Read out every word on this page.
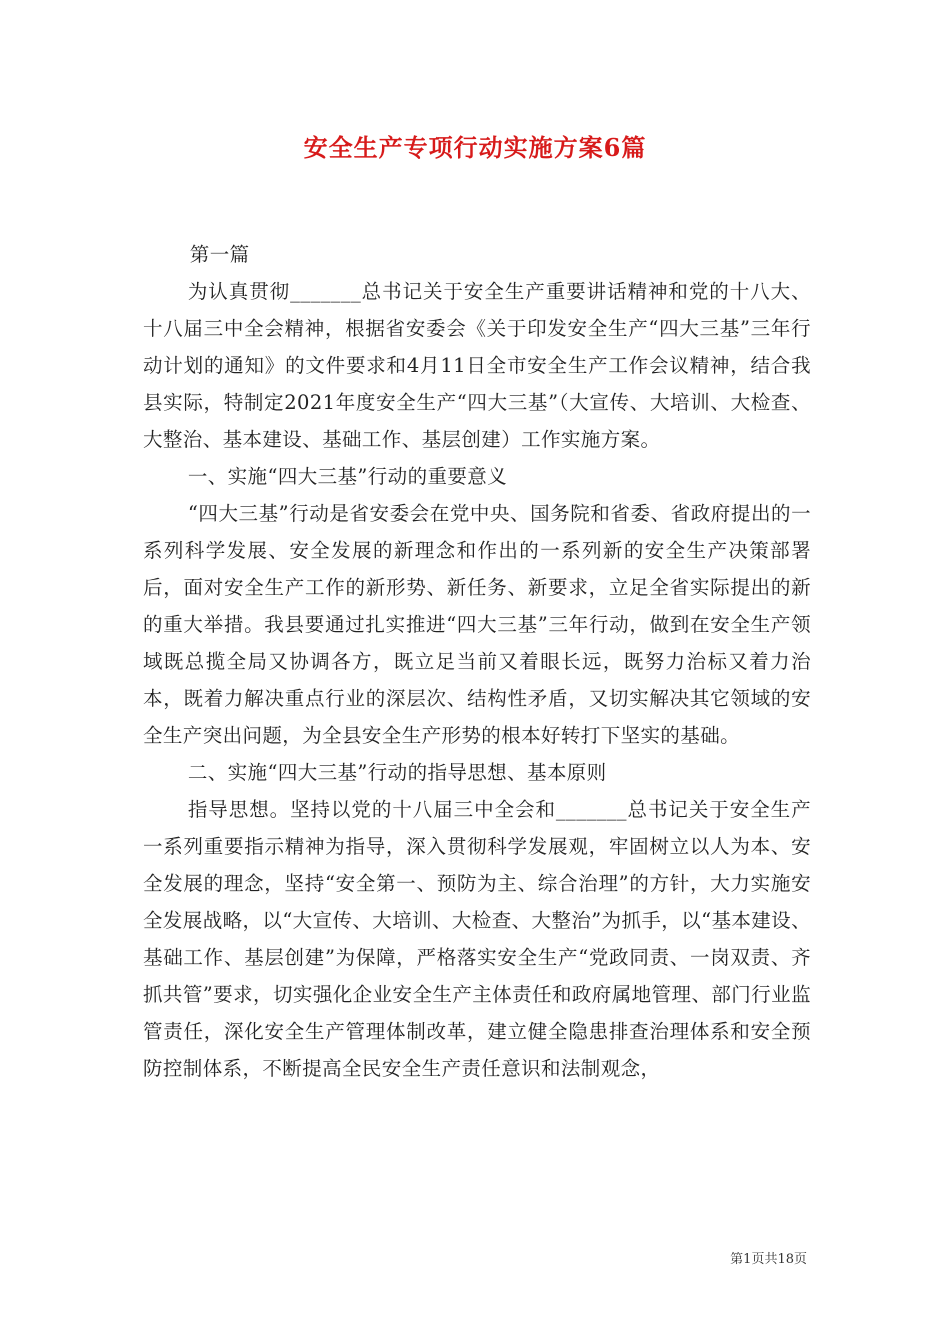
安全生产专项行动实施方案6篇

第一篇

为认真贯彻_______总书记关于安全生产重要讲话精神和党的十八大、十八届三中全会精神，根据省安委会《关于印发安全生产“四大三基”三年行动计划的通知》的文件要求和4月11日全市安全生产工作会议精神，结合我县实际，特制定2021年度安全生产“四大三基”（大宣传、大培训、大检查、大整治、基本建设、基础工作、基层创建）工作实施方案。

一、实施“四大三基”行动的重要意义

“四大三基”行动是省安委会在党中央、国务院和省委、省政府提出的一系列科学发展、安全发展的新理念和作出的一系列新的安全生产决策部署后，面对安全生产工作的新形势、新任务、新要求，立足全省实际提出的新的重大举措。我县要通过扎实推进“四大三基”三年行动，做到在安全生产领域既总揽全局又协调各方，既立足当前又着眼长远，既努力治标又着力治本，既着力解决重点行业的深层次、结构性矛盾，又切实解决其它领域的安全生产突出问题，为全县安全生产形势的根本好转打下坚实的基础。

二、实施“四大三基”行动的指导思想、基本原则

指导思想。坚持以党的十八届三中全会和_______总书记关于安全生产一系列重要指示精神为指导，深入贯彻科学发展观，牢固树立以人为本、安全发展的理念，坚持“安全第一、预防为主、综合治理”的方针，大力实施安全发展战略，以“大宣传、大培训、大检查、大整治”为抓手，以“基本建设、基础工作、基层创建”为保障，严格落实安全生产“党政同责、一岗双责、齐抓共管”要求，切实强化企业安全生产主体责任和政府属地管理、部门行业监管责任，深化安全生产管理体制改革，建立健全隐患排查治理体系和安全预防控制体系，不断提高全民安全生产责任意识和法制观念，

第1页共18页
